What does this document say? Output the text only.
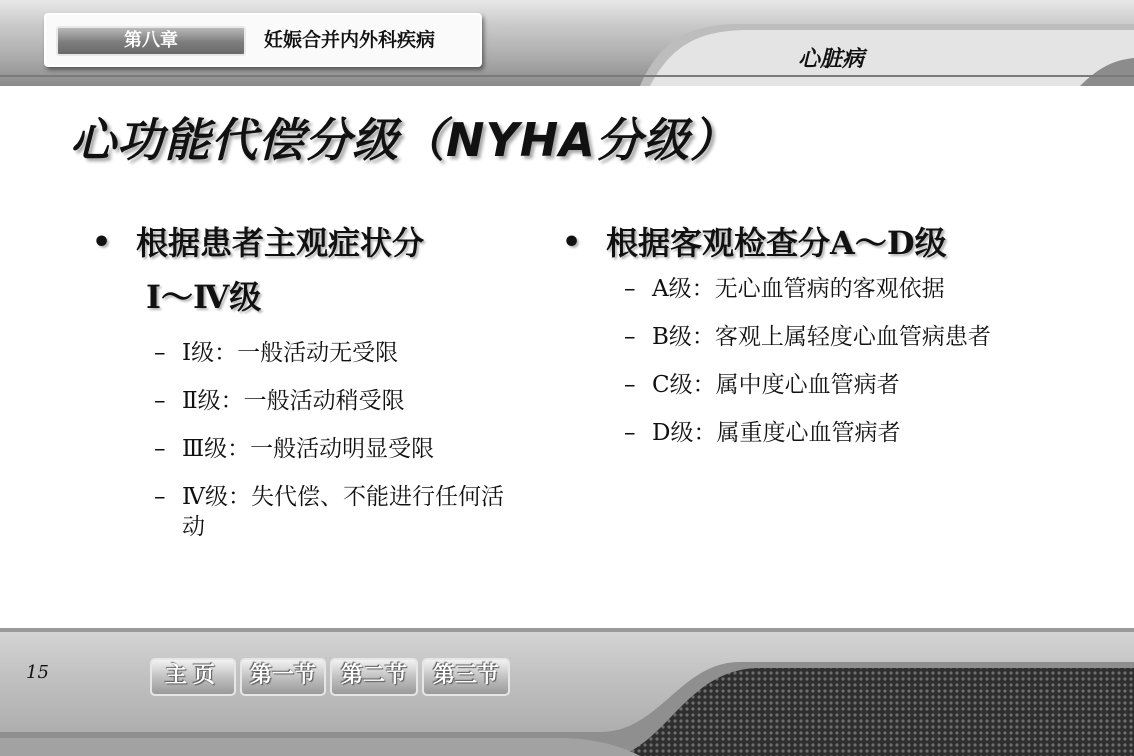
第八章	妊娠合并内外科疾病
心脏病
心功能代偿分级（NYHA分级）
• 根据患者主观症状分
Ⅰ～Ⅳ级
– Ⅰ级：一般活动无受限
– Ⅱ级：一般活动稍受限
– Ⅲ级：一般活动明显受限
– Ⅳ级：失代偿、不能进行任何活动
• 根据客观检查分A～D级
– A级：无心血管病的客观依据
– B级：客观上属轻度心血管病患者
– C级：属中度心血管病者
– D级：属重度心血管病者
15	主页	第一节	第二节	第三节
